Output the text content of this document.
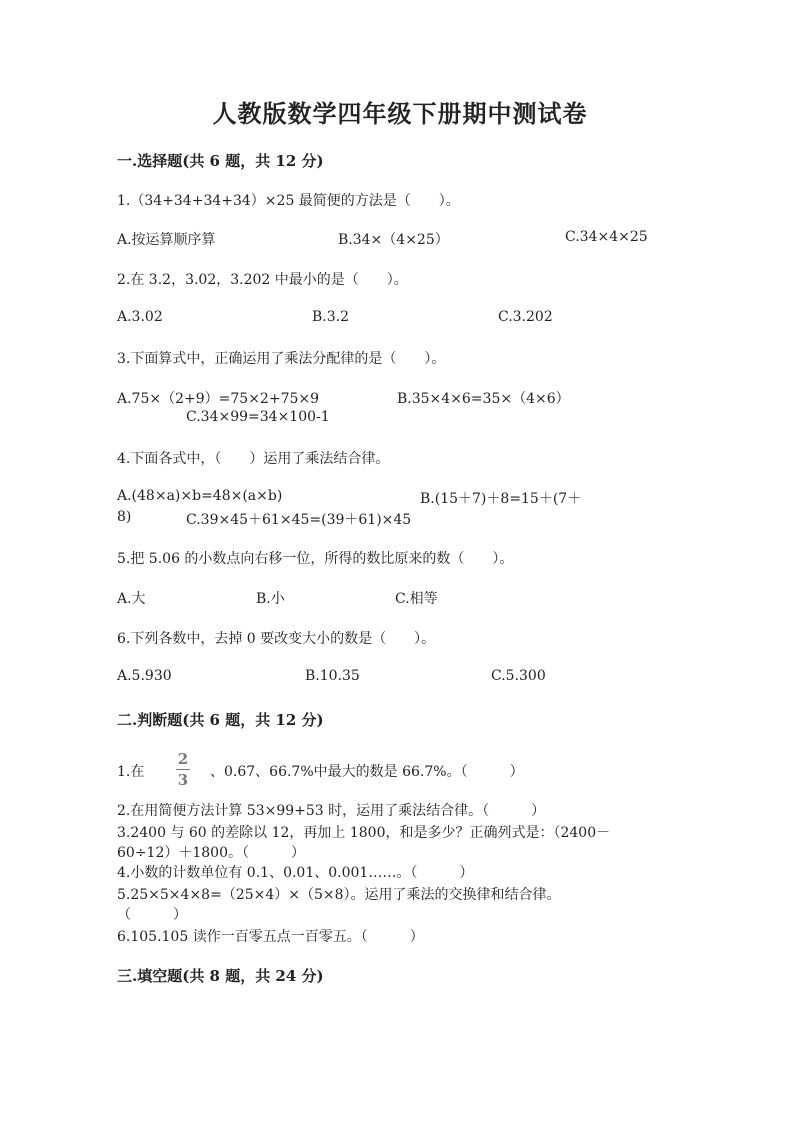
人教版数学四年级下册期中测试卷
一.选择题(共 6 题，共 12 分)
1.（34+34+34+34）×25 最简便的方法是（　　）。
A.按运算顺序算	B.34×（4×25）	C.34×4×25
2.在 3.2，3.02，3.202 中最小的是（　　）。
A.3.02	B.3.2	C.3.202
3.下面算式中，正确运用了乘法分配律的是（　　）。
A.75×（2+9）=75×2+75×9	B.35×4×6=35×（4×6）
C.34×99=34×100-1
4.下面各式中，（　　）运用了乘法结合律。
A.(48×a)×b=48×(a×b)	B.(15＋7)＋8=15＋(7＋
8)	C.39×45＋61×45=(39＋61)×45
5.把 5.06 的小数点向右移一位，所得的数比原来的数（　　）。
A.大	B.小	C.相等
6.下列各数中，去掉 0 要改变大小的数是（　　）。
A.5.930	B.10.35	C.5.300
二.判断题(共 6 题，共 12 分)
1.在
2
3 、0.67、66.7%中最大的数是 66.7%。（　　　）
2.在用简便方法计算 53×99+53 时，运用了乘法结合律。（　　　）
3.2400 与 60 的差除以 12，再加上 1800，和是多少？正确列式是：（2400－
60÷12）＋1800。（　　　）
4.小数的计数单位有 0.1、0.01、0.001……。（　　　）
5.25×5×4×8=（25×4）×（5×8）。运用了乘法的交换律和结合律。
（　　　）
6.105.105 读作一百零五点一百零五。（　　　）
三.填空题(共 8 题，共 24 分)
